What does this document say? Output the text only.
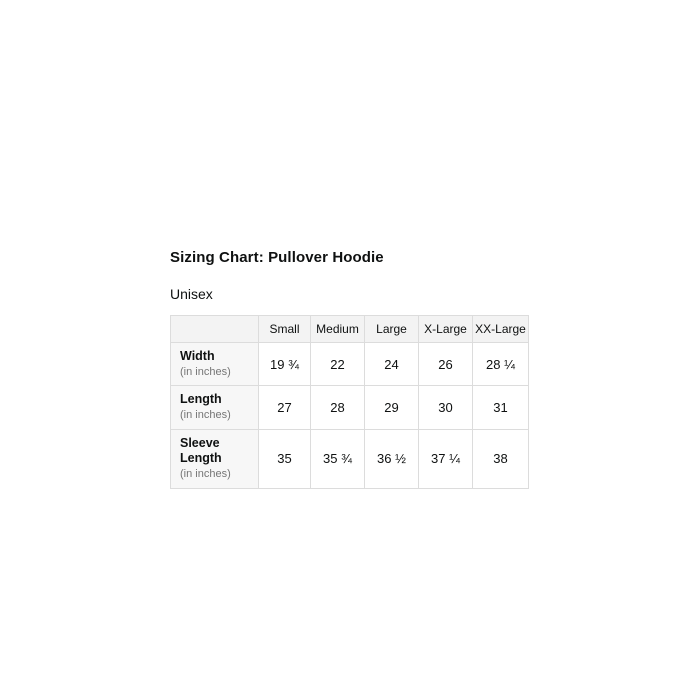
Sizing Chart: Pullover Hoodie
Unisex
	Small	Medium	Large	X-Large	XX-Large

Width
(in inches)	19 ¾	22	24	26	28 ¼

Length
(in inches)	27	28	29	30	31

Sleeve Length
(in inches)	35	35 ¾	36 ½	37 ¼	38
